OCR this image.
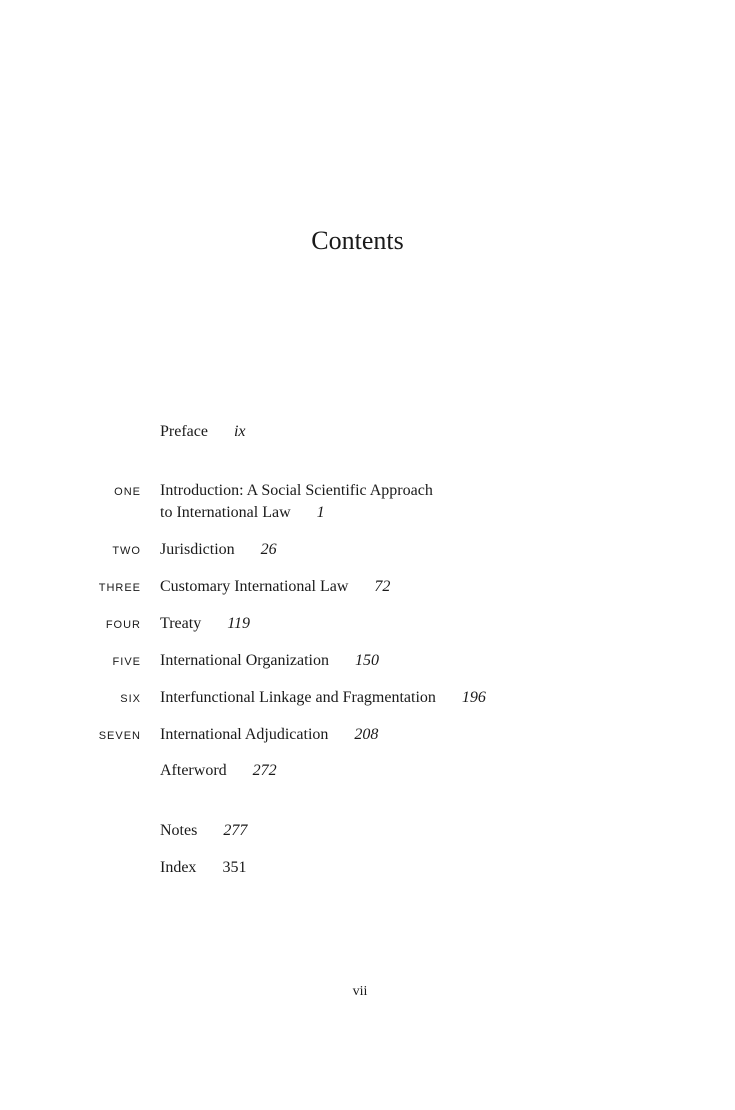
Contents
Preface ix
ONE Introduction: A Social Scientific Approach
to International Law 1
TWO Jurisdiction 26
THREE Customary International Law 72
FOUR Treaty 119
FIVE International Organization 150
SIX Interfunctional Linkage and Fragmentation 196
SEVEN International Adjudication 208
Afterword 272
Notes 277
Index 351
vii
